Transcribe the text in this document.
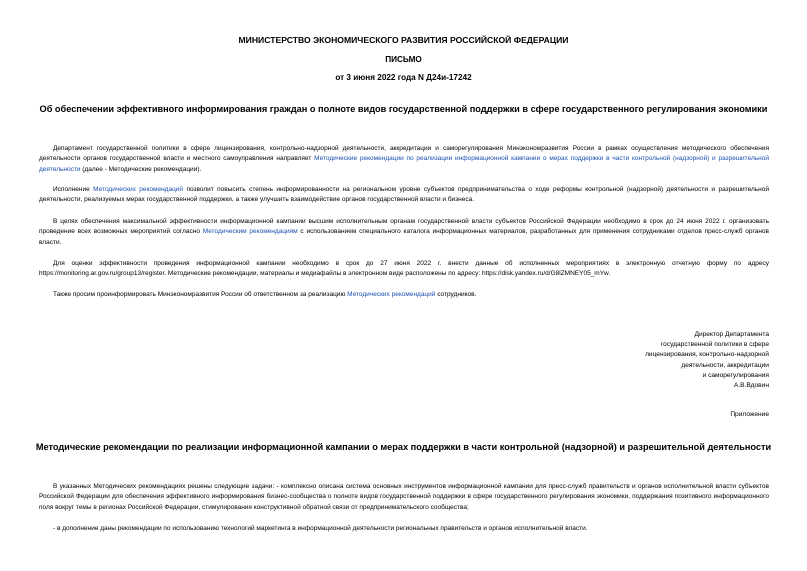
МИНИСТЕРСТВО ЭКОНОМИЧЕСКОГО РАЗВИТИЯ РОССИЙСКОЙ ФЕДЕРАЦИИ
ПИСЬМО
от 3 июня 2022 года N Д24и-17242
Об обеспечении эффективного информирования граждан о полноте видов государственной поддержки в сфере государственного регулирования экономики

Департамент государственной политики в сфере лицензирования, контрольно-надзорной деятельности, аккредитации и саморегулирования Минэкономразвития России в рамках осуществления методического обеспечения деятельности органов государственной власти и местного самоуправления направляет Методические рекомендации по реализации информационной кампании о мерах поддержки в части контрольной (надзорной) и разрешительной деятельности (далее - Методические рекомендации).

Исполнение Методических рекомендаций позволит повысить степень информированности на региональном уровне субъектов предпринимательства о ходе реформы контрольной (надзорной) деятельности и разрешительной деятельности, реализуемых мерах государственной поддержки, а также улучшить взаимодействие органов государственной власти и бизнеса.

В целях обеспечения максимальной эффективности информационной кампании высшим исполнительным органам государственной власти субъектов Российской Федерации необходимо в срок до 24 июня 2022 г. организовать проведение всех возможных мероприятий согласно Методическим рекомендациям с использованием специального каталога информационных материалов, разработанных для применения сотрудниками отделов пресс-служб органов власти.

Для оценки эффективности проведения информационной кампании необходимо в срок до 27 июня 2022 г. внести данные об исполненных мероприятиях в электронную отчетную форму по адресу https://monitoring.ar.gov.ru/group13/register. Методические рекомендации, материалы и медиафайлы в электронном виде расположены по адресу: https://disk.yandex.ru/d/G8lZMNEY05_mYw.

Также просим проинформировать Минэкономразвития России об ответственном за реализацию Методических рекомендаций сотрудников.

Директор Департамента
государственной политики в сфере
лицензирования, контрольно-надзорной
деятельности, аккредитации
и саморегулирования
А.В.Вдовин
Приложение
Методические рекомендации по реализации информационной кампании о мерах поддержки в части контрольной (надзорной) и разрешительной деятельности

В указанных Методических рекомендациях решены следующие задачи: - комплексно описана система основных инструментов информационной кампании для пресс-служб правительств и органов исполнительной власти субъектов Российской Федерации для обеспечения эффективного информирования бизнес-сообщества о полноте видов государственной поддержки в сфере государственного регулирования экономики, поддержания позитивного информационного поля вокруг темы в регионах Российской Федерации, стимулирования конструктивной обратной связи от предпринимательского сообщества;

- в дополнение даны рекомендации по использованию технологий маркетинга в информационной деятельности региональных правительств и органов исполнительной власти.
